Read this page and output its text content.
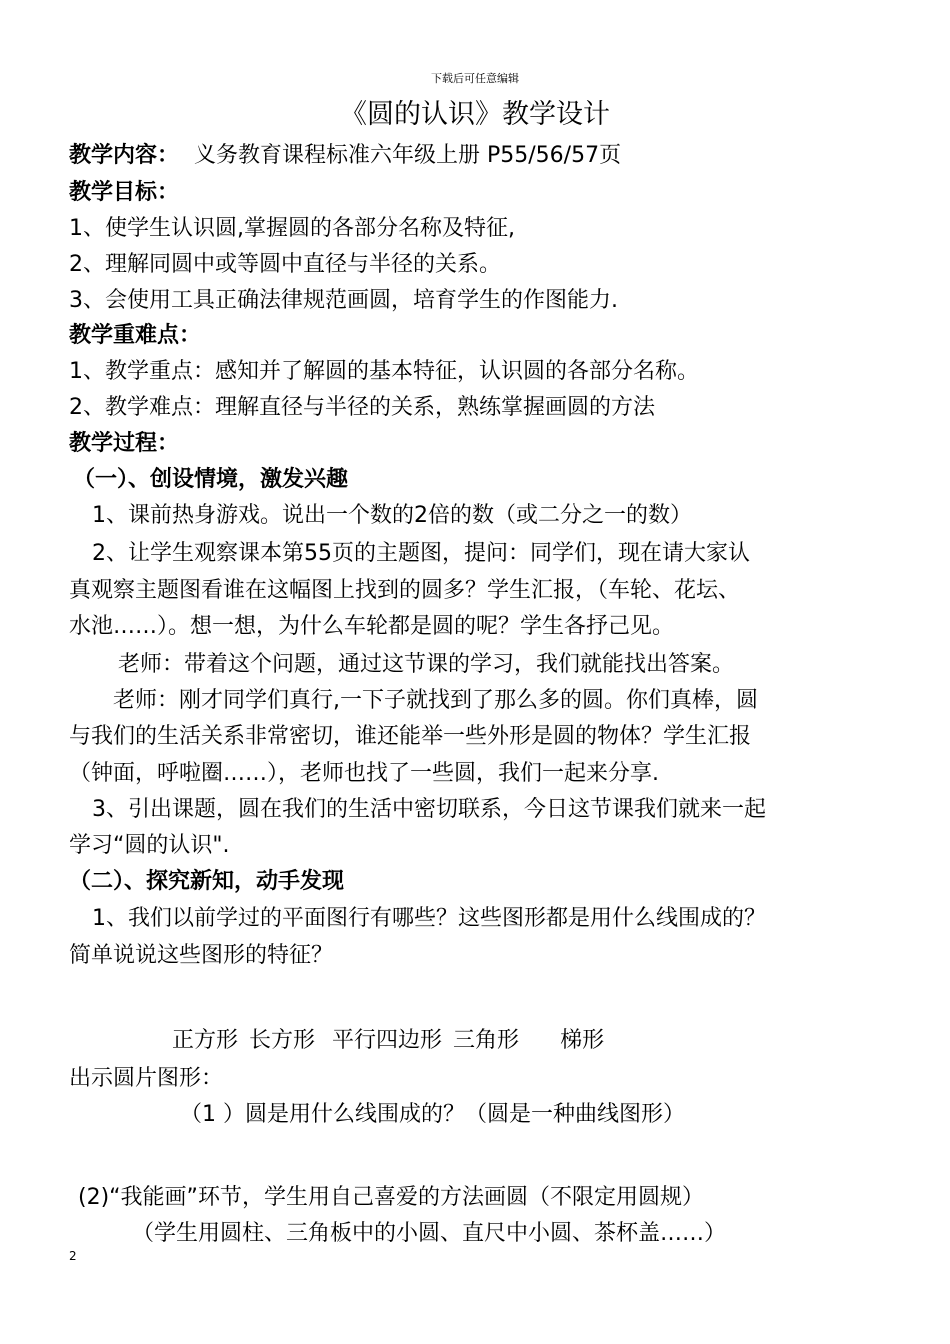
下载后可任意编辑
《圆的认识》教学设计
教学内容： 义务教育课程标准六年级上册 P55/56/57页
教学目标：
1、使学生认识圆,掌握圆的各部分名称及特征,
2、理解同圆中或等圆中直径与半径的关系。
3、会使用工具正确法律规范画圆，培育学生的作图能力.
教学重难点：
1、教学重点：感知并了解圆的基本特征，认识圆的各部分名称。
2、教学难点：理解直径与半径的关系，熟练掌握画圆的方法
教学过程：
（一）、创设情境，激发兴趣
1、课前热身游戏。说出一个数的2倍的数（或二分之一的数）
2、让学生观察课本第55页的主题图，提问：同学们，现在请大家认
真观察主题图看谁在这幅图上找到的圆多？学生汇报，（车轮、花坛、
水池……）。想一想，为什么车轮都是圆的呢？学生各抒己见。
老师：带着这个问题，通过这节课的学习，我们就能找出答案。
老师：刚才同学们真行,一下子就找到了那么多的圆。你们真棒，圆
与我们的生活关系非常密切，谁还能举一些外形是圆的物体？学生汇报
（钟面，呼啦圈……），老师也找了一些圆，我们一起来分享.
3、引出课题，圆在我们的生活中密切联系，今日这节课我们就来一起
学习“圆的认识".
（二）、探究新知，动手发现
1、我们以前学过的平面图行有哪些？这些图形都是用什么线围成的？
简单说说这些图形的特征？
正方形 长方形 平行四边形 三角形 梯形
出示圆片图形：
（1 ）圆是用什么线围成的？（圆是一种曲线图形）
(2)“我能画”环节，学生用自己喜爱的方法画圆（不限定用圆规）
（学生用圆柱、三角板中的小圆、直尺中小圆、茶杯盖……）
2
